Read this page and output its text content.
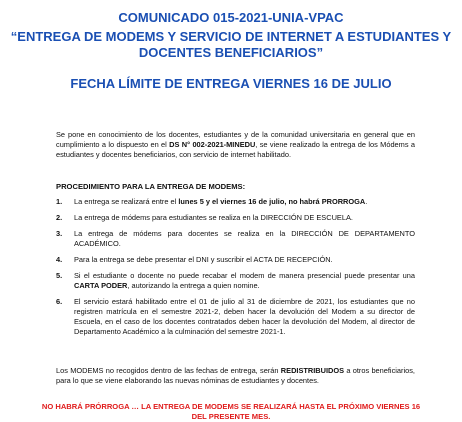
COMUNICADO 015-2021-UNIA-VPAC
“ENTREGA DE MODEMS Y SERVICIO DE INTERNET A ESTUDIANTES Y DOCENTES BENEFICIARIOS”
FECHA LÍMITE DE ENTREGA VIERNES 16 DE JULIO
Se pone en conocimiento de los docentes, estudiantes y de la comunidad universitaria en general que en cumplimiento a lo dispuesto en el DS N° 002-2021-MINEDU, se viene realizado la entrega de los Módems a estudiantes y docentes beneficiarios, con servicio de internet habilitado.
PROCEDIMIENTO PARA LA ENTREGA DE MODEMS:
1. La entrega se realizará entre el lunes 5 y el viernes 16 de julio, no habrá PRORROGA.
2. La entrega de módems para estudiantes se realiza en la DIRECCIÓN DE ESCUELA.
3. La entrega de módems para docentes se realiza en la DIRECCIÓN DE DEPARTAMENTO ACADÉMICO.
4. Para la entrega se debe presentar el DNI y suscribir el ACTA DE RECEPCIÓN.
5. Si el estudiante o docente no puede recabar el modem de manera presencial puede presentar una CARTA PODER, autorizando la entrega a quien nomine.
6. El servicio estará habilitado entre el 01 de julio al 31 de diciembre de 2021, los estudiantes que no registren matrícula en el semestre 2021-2, deben hacer la devolución del Modem a su director de Escuela, en el caso de los docentes contratados deben hacer la devolución del Modem, al director de Departamento Académico a la culminación del semestre 2021-1.
Los MODEMS no recogidos dentro de las fechas de entrega, serán REDISTRIBUIDOS a otros beneficiarios, para lo que se viene elaborando las nuevas nóminas de estudiantes y docentes.
NO HABRÁ PRÓRROGA … LA ENTREGA DE MODEMS SE REALIZARÁ HASTA EL PRÓXIMO VIERNES 16 DEL PRESENTE MES.
